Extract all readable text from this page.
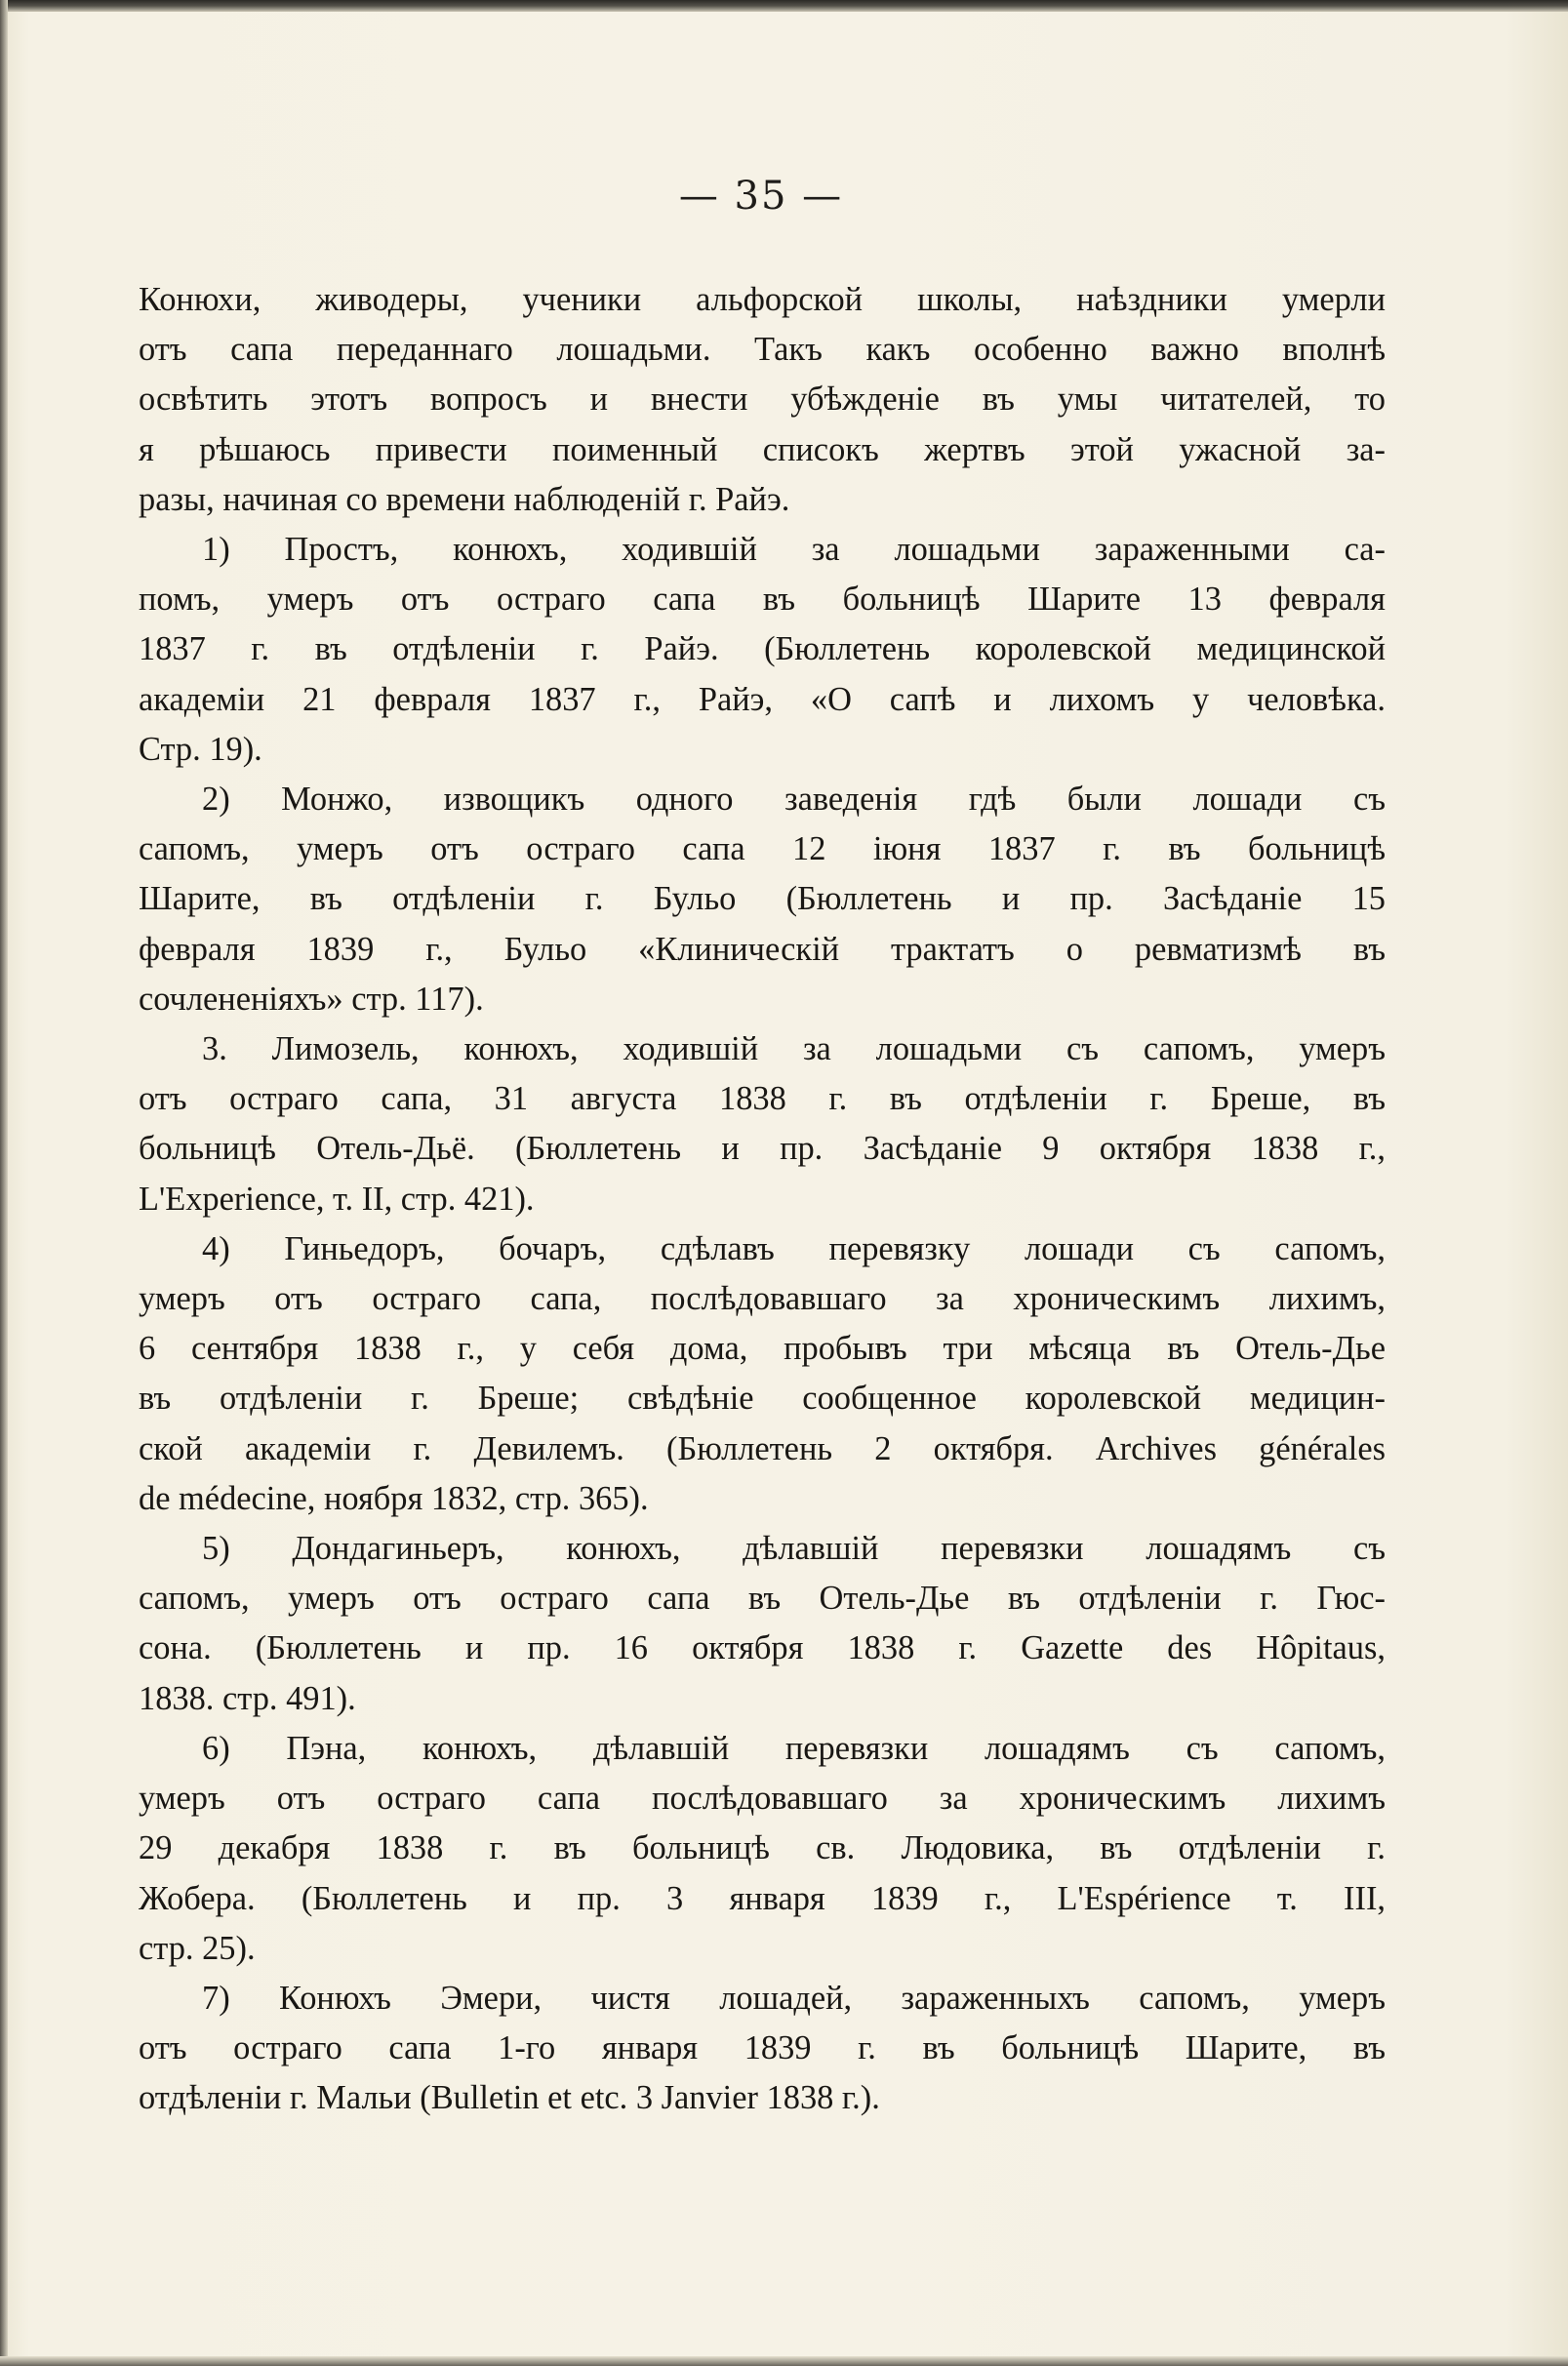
— 35 —

Конюхи, живодеры, ученики альфорской школы, наѣздники умерли
отъ сапа переданнаго лошадьми. Такъ какъ особенно важно вполнѣ
освѣтить этотъ вопросъ и внести убѣжденіе въ умы читателей, то
я рѣшаюсь привести поименный списокъ жертвъ этой ужасной за-
разы, начиная со времени наблюденій г. Райэ.

1) Простъ, конюхъ, ходившій за лошадьми зараженными са-
помъ, умеръ отъ остраго сапа въ больницѣ Шарите 13 февраля
1837 г. въ отдѣленіи г. Райэ. (Бюллетень королевской медицинской
академіи 21 февраля 1837 г., Райэ, «О сапѣ и лихомъ у человѣка.
Стр. 19).

2) Монжо, извощикъ одного заведенія гдѣ были лошади съ
сапомъ, умеръ отъ остраго сапа 12 іюня 1837 г. въ больницѣ
Шарите, въ отдѣленіи г. Бульо (Бюллетень и пр. Засѣданіе 15
февраля 1839 г., Бульо «Клиническій трактатъ о ревматизмѣ въ
сочлененіяхъ» стр. 117).

3. Лимозель, конюхъ, ходившій за лошадьми съ сапомъ, умеръ
отъ остраго сапа, 31 августа 1838 г. въ отдѣленіи г. Бреше, въ
больницѣ Отель-Дьё. (Бюллетень и пр. Засѣданіе 9 октября 1838 г.,
L'Experience, т. II, стр. 421).

4) Гиньедоръ, бочаръ, сдѣлавъ перевязку лошади съ сапомъ,
умеръ отъ остраго сапа, послѣдовавшаго за хроническимъ лихимъ,
6 сентября 1838 г., у себя дома, пробывъ три мѣсяца въ Отель-Дье
въ отдѣленіи г. Бреше; свѣдѣніе сообщенное королевской медицин-
ской академіи г. Девилемъ. (Бюллетень 2 октября. Archives générales
de médecine, ноября 1832, стр. 365).

5) Дондагиньеръ, конюхъ, дѣлавшій перевязки лошадямъ съ
сапомъ, умеръ отъ остраго сапа въ Отель-Дье въ отдѣленіи г. Гюс-
сона. (Бюллетень и пр. 16 октября 1838 г. Gazette des Hôpitaus,
1838. стр. 491).

6) Пэна, конюхъ, дѣлавшій перевязки лошадямъ съ сапомъ,
умеръ отъ остраго сапа послѣдовавшаго за хроническимъ лихимъ
29 декабря 1838 г. въ больницѣ св. Людовика, въ отдѣленіи г.
Жобера. (Бюллетень и пр. 3 января 1839 г., L'Espérience т. III,
стр. 25).

7) Конюхъ Эмери, чистя лошадей, зараженныхъ сапомъ, умеръ
отъ остраго сапа 1-го января 1839 г. въ больницѣ Шарите, въ
отдѣленіи г. Мальи (Bulletin et etc. 3 Janvier 1838 г.).
